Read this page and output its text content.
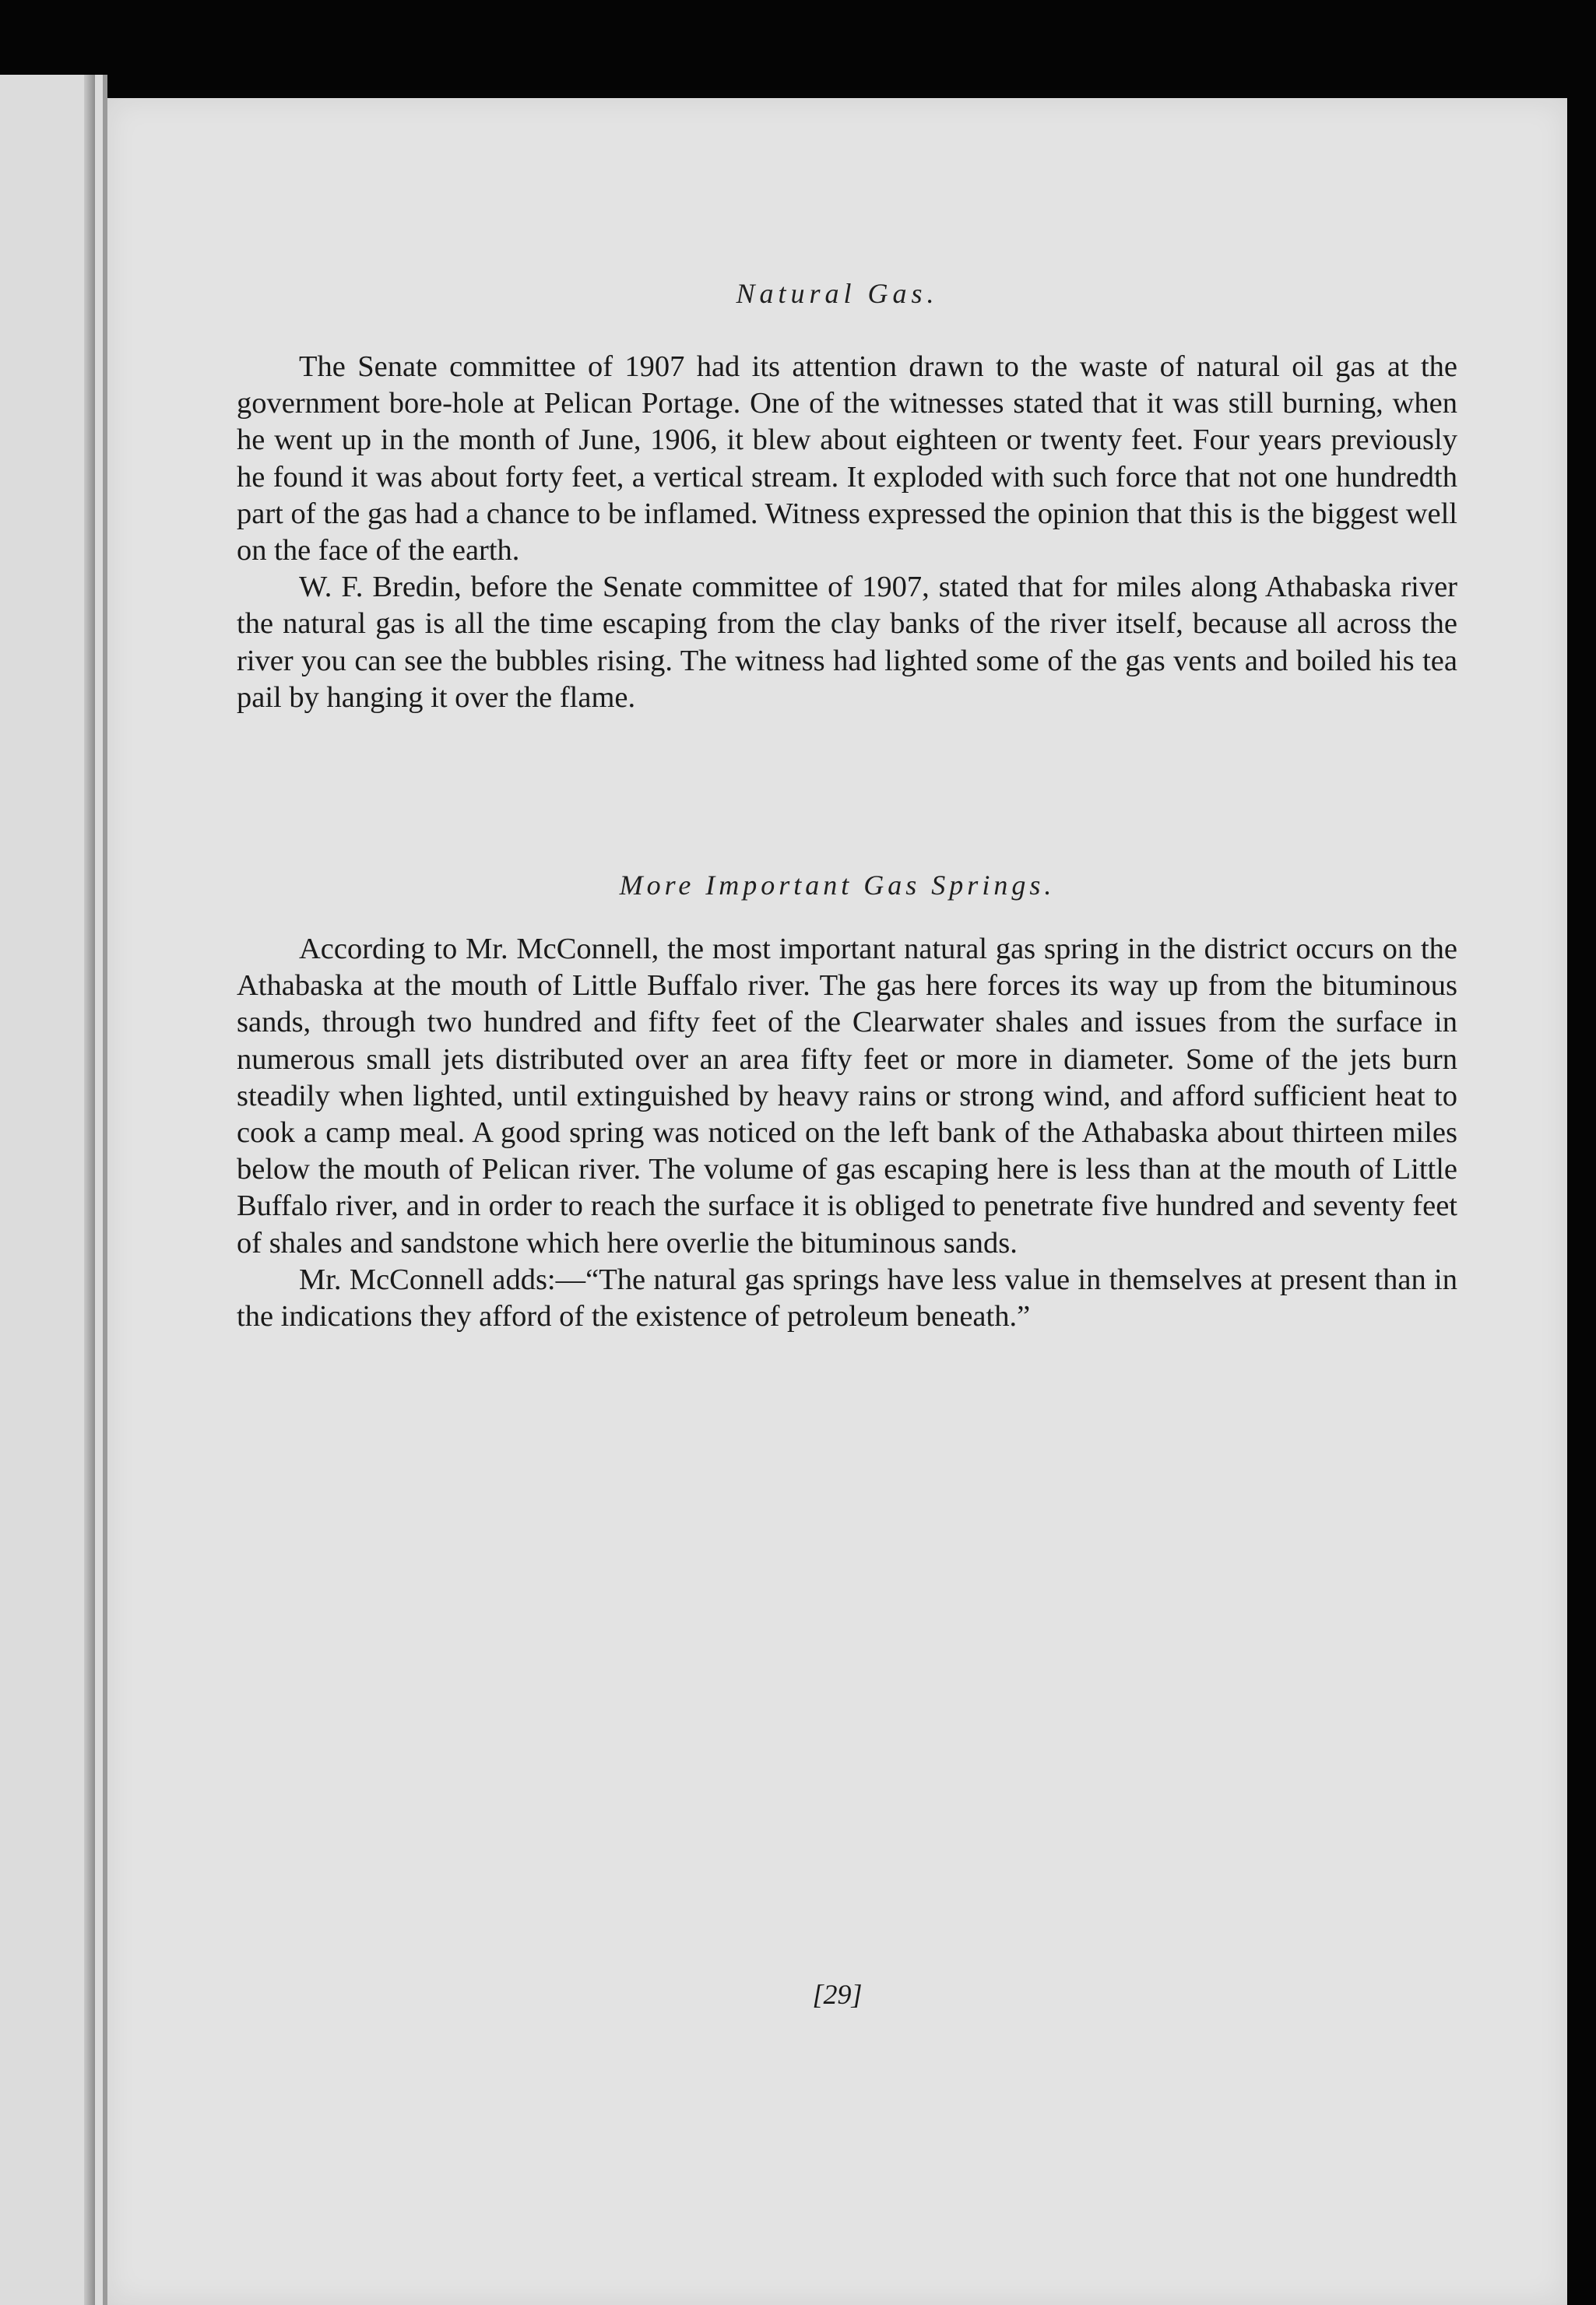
Natural Gas.

The Senate committee of 1907 had its attention drawn to the waste of natural oil gas at the government bore-hole at Pelican Portage. One of the witnesses stated that it was still burning, when he went up in the month of June, 1906, it blew about eighteen or twenty feet. Four years previously he found it was about forty feet, a vertical stream. It exploded with such force that not one hundredth part of the gas had a chance to be inflamed. Witness expressed the opinion that this is the biggest well on the face of the earth.

W. F. Bredin, before the Senate committee of 1907, stated that for miles along Athabaska river the natural gas is all the time escaping from the clay banks of the river itself, because all across the river you can see the bubbles rising. The witness had lighted some of the gas vents and boiled his tea pail by hanging it over the flame.

More Important Gas Springs.

According to Mr. McConnell, the most important natural gas spring in the district occurs on the Athabaska at the mouth of Little Buffalo river. The gas here forces its way up from the bituminous sands, through two hundred and fifty feet of the Clearwater shales and issues from the surface in numerous small jets distributed over an area fifty feet or more in diameter. Some of the jets burn steadily when lighted, until extinguished by heavy rains or strong wind, and afford sufficient heat to cook a camp meal. A good spring was noticed on the left bank of the Athabaska about thirteen miles below the mouth of Pelican river. The volume of gas escaping here is less than at the mouth of Little Buffalo river, and in order to reach the surface it is obliged to penetrate five hundred and seventy feet of shales and sandstone which here overlie the bituminous sands.

Mr. McConnell adds:—“The natural gas springs have less value in themselves at present than in the indications they afford of the existence of petroleum beneath.”

[29]
